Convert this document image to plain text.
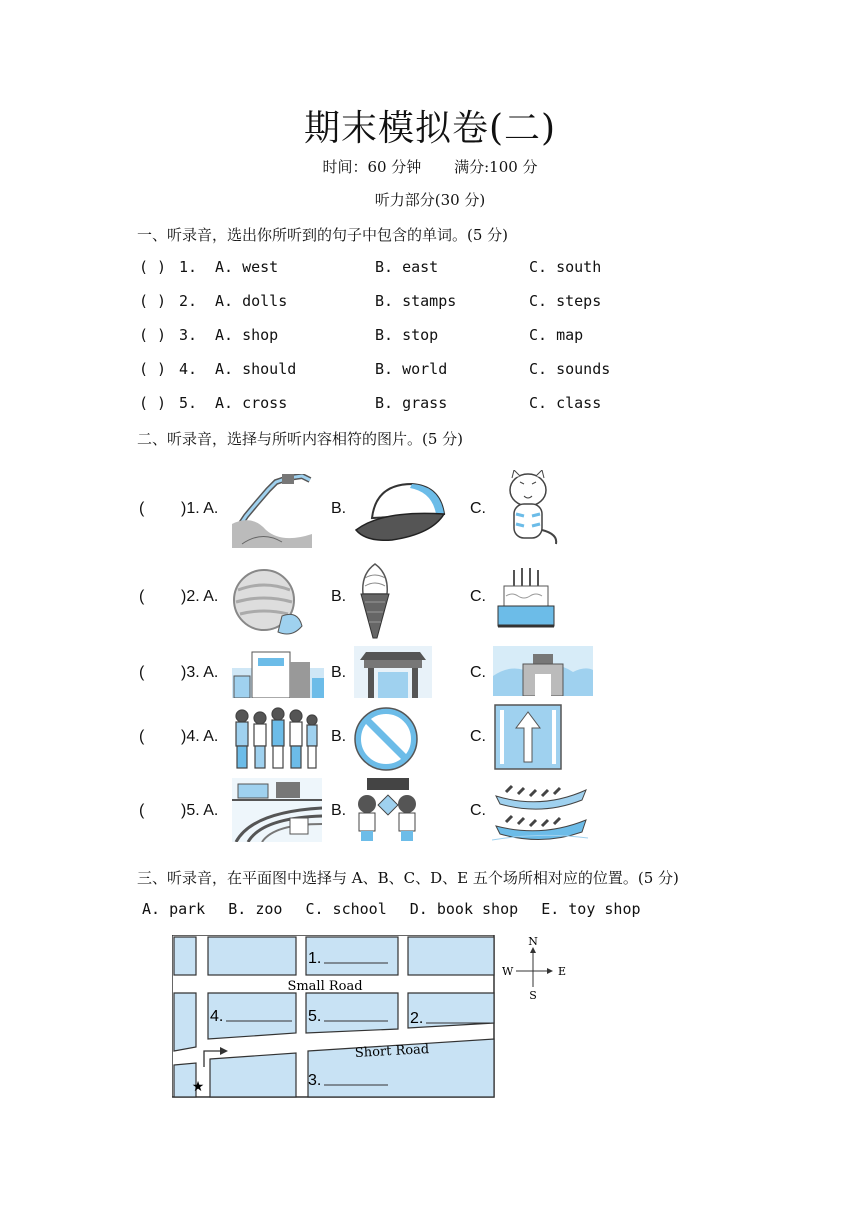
期末模拟卷(二)
时间：60 分钟 满分:100 分
听力部分(30 分)
一、听录音，选出你所听到的句子中包含的单词。(5 分)
( ) 1. A. west	B. east	C. south
( ) 2. A. dolls	B. stamps	C. steps
( ) 3. A. shop	B. stop	C. map
( ) 4. A. should	B. world	C. sounds
( ) 5. A. cross	B. grass	C. class
二、听录音，选择与所听内容相符的图片。(5 分)
( )1. A.	B.	C.
( )2. A.	B.	C.
( )3. A.	B.	C.
( )4. A.	B.	C.
( )5. A.	B.	C.
三、听录音，在平面图中选择与 A、B、C、D、E 五个场所相对应的位置。(5 分)
A. park B. zoo C. school D. book shop E. toy shop
★
Small Road
Short Road
1.
2.
3.
4.	5.
N
S
E
W
